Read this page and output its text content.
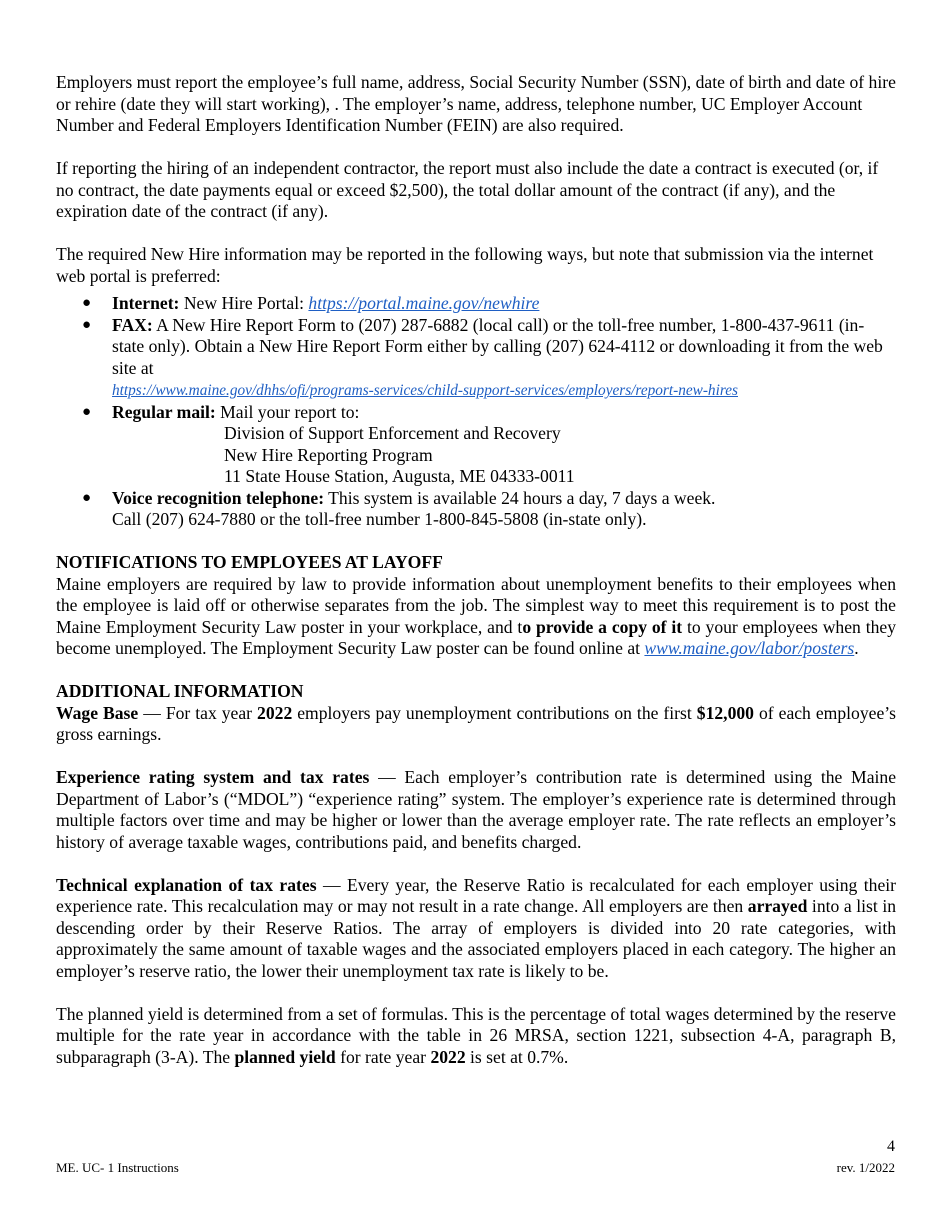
Employers must report the employee’s full name, address, Social Security Number (SSN), date of birth and date of hire or rehire (date they will start working), . The employer’s name, address, telephone number, UC Employer Account Number and Federal Employers Identification Number (FEIN) are also required.

If reporting the hiring of an independent contractor, the report must also include the date a contract is executed (or, if no contract, the date payments equal or exceed $2,500), the total dollar amount of the contract (if any), and the expiration date of the contract (if any).

The required New Hire information may be reported in the following ways, but note that submission via the internet web portal is preferred:

● Internet: New Hire Portal: https://portal.maine.gov/newhire
● FAX: A New Hire Report Form to (207) 287-6882 (local call) or the toll-free number, 1-800-437-9611 (in-state only). Obtain a New Hire Report Form either by calling (207) 624-4112 or downloading it from the web site at
https://www.maine.gov/dhhs/ofi/programs-services/child-support-services/employers/report-new-hires
● Regular mail: Mail your report to:
Division of Support Enforcement and Recovery
New Hire Reporting Program
11 State House Station, Augusta, ME 04333-0011
● Voice recognition telephone: This system is available 24 hours a day, 7 days a week.
Call (207) 624-7880 or the toll-free number 1-800-845-5808 (in-state only).

NOTIFICATIONS TO EMPLOYEES AT LAYOFF

Maine employers are required by law to provide information about unemployment benefits to their employees when the employee is laid off or otherwise separates from the job. The simplest way to meet this requirement is to post the Maine Employment Security Law poster in your workplace, and to provide a copy of it to your employees when they become unemployed. The Employment Security Law poster can be found online at www.maine.gov/labor/posters.

ADDITIONAL INFORMATION

Wage Base — For tax year 2022 employers pay unemployment contributions on the first $12,000 of each employee’s gross earnings.

Experience rating system and tax rates — Each employer’s contribution rate is determined using the Maine Department of Labor’s (“MDOL”) “experience rating” system. The employer’s experience rate is determined through multiple factors over time and may be higher or lower than the average employer rate. The rate reflects an employer’s history of average taxable wages, contributions paid, and benefits charged.

Technical explanation of tax rates — Every year, the Reserve Ratio is recalculated for each employer using their experience rate. This recalculation may or may not result in a rate change. All employers are then arrayed into a list in descending order by their Reserve Ratios. The array of employers is divided into 20 rate categories, with approximately the same amount of taxable wages and the associated employers placed in each category. The higher an employer’s reserve ratio, the lower their unemployment tax rate is likely to be.

The planned yield is determined from a set of formulas. This is the percentage of total wages determined by the reserve multiple for the rate year in accordance with the table in 26 MRSA, section 1221, subsection 4-A, paragraph B, subparagraph (3-A). The planned yield for rate year 2022 is set at 0.7%.

4
ME. UC- 1 Instructions	rev. 1/2022
